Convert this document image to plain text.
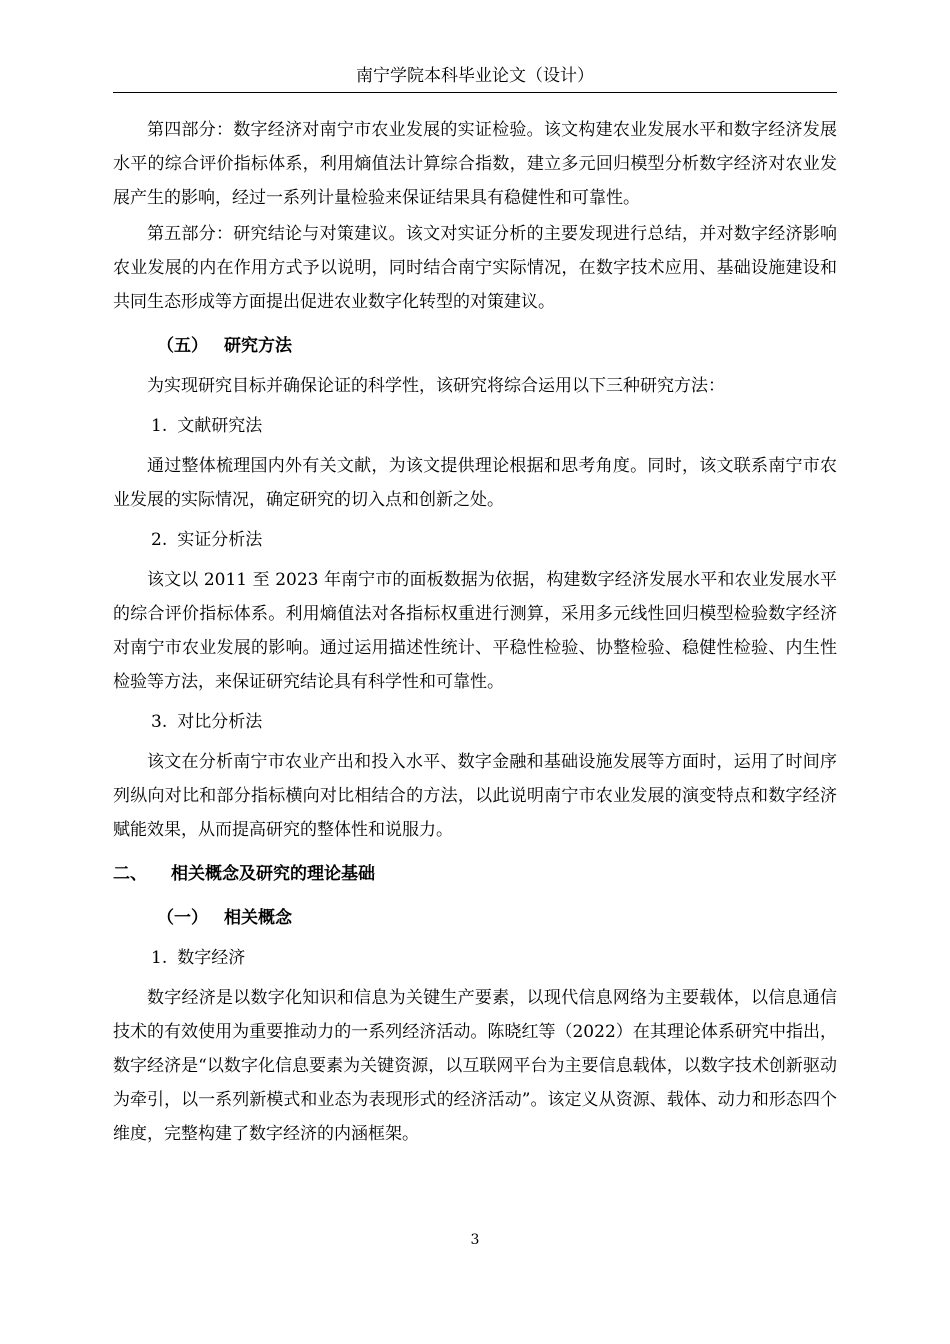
南宁学院本科毕业论文（设计）

第四部分：数字经济对南宁市农业发展的实证检验。该文构建农业发展水平和数字经济发展水平的综合评价指标体系，利用熵值法计算综合指数，建立多元回归模型分析数字经济对农业发展产生的影响，经过一系列计量检验来保证结果具有稳健性和可靠性。

第五部分：研究结论与对策建议。该文对实证分析的主要发现进行总结，并对数字经济影响农业发展的内在作用方式予以说明，同时结合南宁实际情况，在数字技术应用、基础设施建设和共同生态形成等方面提出促进农业数字化转型的对策建议。

（五） 研究方法

为实现研究目标并确保论证的科学性，该研究将综合运用以下三种研究方法：

1. 文献研究法

通过整体梳理国内外有关文献，为该文提供理论根据和思考角度。同时，该文联系南宁市农业发展的实际情况，确定研究的切入点和创新之处。

2. 实证分析法

该文以 2011 至 2023 年南宁市的面板数据为依据，构建数字经济发展水平和农业发展水平的综合评价指标体系。利用熵值法对各指标权重进行测算，采用多元线性回归模型检验数字经济对南宁市农业发展的影响。通过运用描述性统计、平稳性检验、协整检验、稳健性检验、内生性检验等方法，来保证研究结论具有科学性和可靠性。

3. 对比分析法

该文在分析南宁市农业产出和投入水平、数字金融和基础设施发展等方面时，运用了时间序列纵向对比和部分指标横向对比相结合的方法，以此说明南宁市农业发展的演变特点和数字经济赋能效果，从而提高研究的整体性和说服力。

二、 相关概念及研究的理论基础
（一） 相关概念
1. 数字经济

数字经济是以数字化知识和信息为关键生产要素，以现代信息网络为主要载体，以信息通信技术的有效使用为重要推动力的一系列经济活动。陈晓红等（2022）在其理论体系研究中指出，数字经济是“以数字化信息要素为关键资源，以互联网平台为主要信息载体，以数字技术创新驱动为牵引，以一系列新模式和业态为表现形式的经济活动”。该定义从资源、载体、动力和形态四个维度，完整构建了数字经济的内涵框架。

3
